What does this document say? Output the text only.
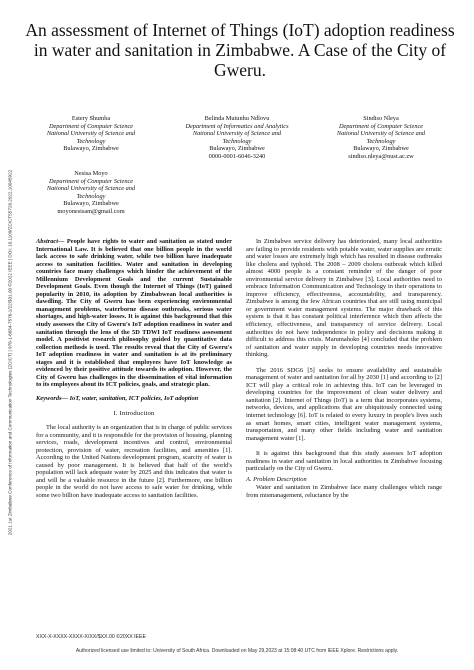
2021 1st Zimbabwe Conference of Information and Communication Technologies (ZCICT) | 978-1-6654-7576-1/22/$31.00 ©2022 IEEE | DOI: 10.1109/ZCICT55726.2022.10045922
An assessment of Internet of Things (IoT) adoption readiness in water and sanitation in Zimbabwe. A Case of the City of Gweru.
Estery Shumba
Department of Computer Science
National University of Science and Technology
Bulawayo, Zimbabwe
Belinda Mutunhu Ndlovu
Department of Informatics and Analytics
National University of Science and Technology
Bulawayo, Zimbabwe
0000-0001-6046-3240
Sindiso Nleya
Department of Computer Science
National University of Science and Technology
Bulawayo, Zimbabwe
sindiso.nleya@nust.ac.zw
Nesisa Moyo
Department of Computer Science
National University of Science and Technology
Bulawayo, Zimbabwe
moyonesisam@gmail.com
Abstract— People have rights to water and sanitation as stated under International Law. It is believed that one billion people in the world lack access to safe drinking water, while two billion have inadequate access to sanitation facilities. Water and sanitation in developing countries face many challenges which hinder the achievement of the Millennium Development Goals and the current Sustainable Development Goals. Even though the Internet of Things (IoT) gained popularity in 2010, its adoption by Zimbabwean local authorities is dawdling. The City of Gweru has been experiencing environmental management problems, waterborne disease outbreaks, serious water shortages, and high-water losses. It is against this background that this study assesses the City of Gweru's IoT adoption readiness in water and sanitation through the lens of the 5D TDWI IoT readiness assessment model. A positivist research philosophy guided by quantitative data collection methods is used. The results reveal that the City of Gweru's IoT adoption readiness in water and sanitation is at its preliminary stages and it is established that employees have IoT knowledge as evidenced by their positive attitude towards its adoption. However, the City of Gweru has challenges in the dissemination of vital information to its employees about its ICT policies, goals, and strategic plan.
Keywords— IoT, water, sanitation, ICT policies, IoT adoption
I. Introduction

The local authority is an organization that is in charge of public services for a community, and it is responsible for the provision of housing, planning services, roads, development incentives and control, environmental protection, provision of water, recreation facilities, and amenities [1]. According to the United Nations development program, scarcity of water is caused by poor management. It is believed that half of the world's population will lack adequate water by 2025 and this indicates that water is and will be a valuable resource in the future [2]. Furthermore, one billion people in the world do not have access to safe water for drinking, while some two billion have inadequate access to sanitation facilities.

In Zimbabwe service delivery has deteriorated, many local authorities are failing to provide residents with potable water, water supplies are erratic and water losses are extremely high which has resulted in disease outbreaks like cholera and typhoid. The 2008 – 2009 cholera outbreak which killed almost 4000 people is a constant reminder of the danger of poor environmental service delivery in Zimbabwe [3]. Local authorities need to embrace Information Communication and Technology in their operations to improve efficiency, effectiveness, accountability, and transparency. Zimbabwe is among the few African countries that are still using municipal or government water management systems. The major drawback of this system is that it has constant political interference which then affects the efficiency, effectiveness, and transparency of service delivery. Local authorities do not have independence in policy and decisions making it difficult to address this crisis. Marumahoko [4] concluded that the problem of sanitation and water supply in developing countries needs innovative thinking.

The 2016 SDG6 [5] seeks to ensure availability and sustainable management of water and sanitation for all by 2030 [1] and according to [2] ICT will play a critical role in achieving this. IoT can be leveraged in developing countries for the improvement of clean water delivery and sanitation [2]. Internet of Things (IoT) is a term that incorporates systems, networks, devices, and applications that are ubiquitously connected using internet technology [6]. IoT is related to every luxury in people's lives such as smart homes, smart cities, intelligent water management systems, transportation, and many other fields including water and sanitation management water [1].

It is against this background that this study assesses IoT adoption readiness in water and sanitation in local authorities in Zimbabwe focusing particularly on the City of Gweru.

A. Problem Description

Water and sanitation in Zimbabwe face many challenges which range from mismanagement, reluctance by the

XXX-X-XXXX-XXXX-X/XX/$XX.00 ©20XX IEEE
Authorized licensed use limited to: University of South Africa. Downloaded on May 29,2023 at 15:08:40 UTC from IEEE Xplore. Restrictions apply.
